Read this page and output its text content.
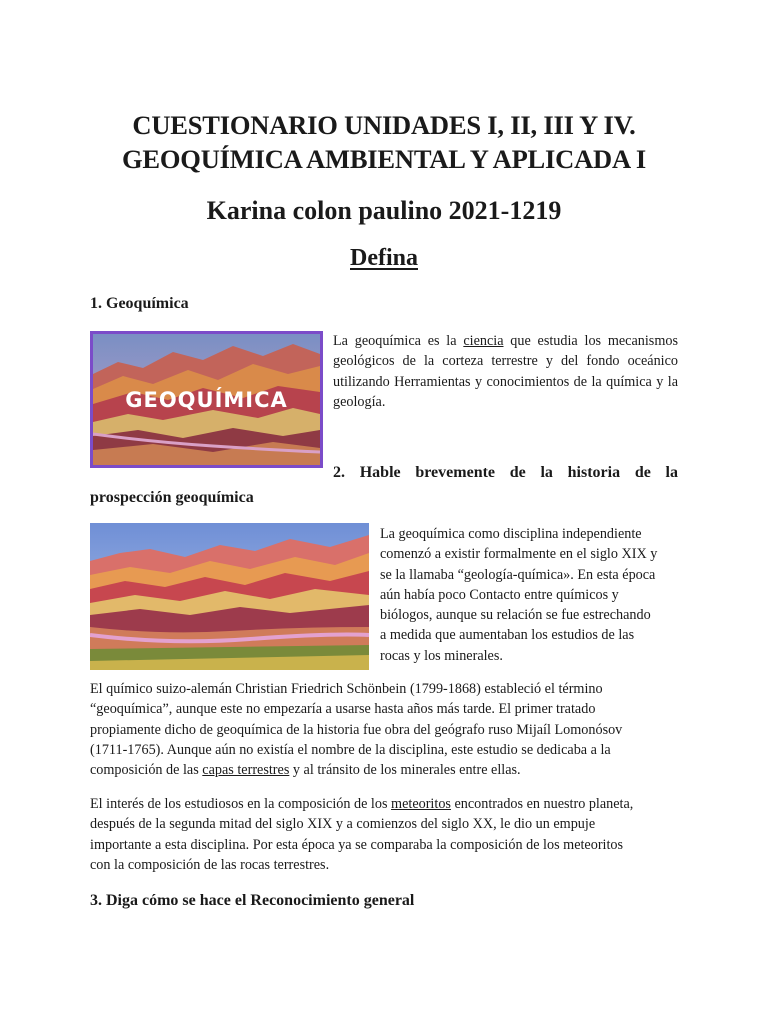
CUESTIONARIO UNIDADES I, II, III Y IV.
GEOQUÍMICA AMBIENTAL Y APLICADA I
Karina colon paulino 2021-1219
Defina
1. Geoquímica
GEOQUÍMICA
La geoquímica es la ciencia que estudia los mecanismos geológicos de la corteza terrestre y del fondo oceánico utilizando Herramientas y conocimientos de la química y la geología.
2. Hable brevemente de la historia de la
prospección geoquímica
La geoquímica como disciplina independiente
comenzó a existir formalmente en el siglo XIX y
se la llamaba “geología-química». En esta época
aún había poco Contacto entre químicos y
biólogos, aunque su relación se fue estrechando
a medida que aumentaban los estudios de las
rocas y los minerales.
El químico suizo-alemán Christian Friedrich Schönbein (1799-1868) estableció el término
“geoquímica”, aunque este no empezaría a usarse hasta años más tarde. El primer tratado
propiamente dicho de geoquímica de la historia fue obra del geógrafo ruso Mijaíl Lomonósov
(1711-1765). Aunque aún no existía el nombre de la disciplina, este estudio se dedicaba a la
composición de las capas terrestres y al tránsito de los minerales entre ellas.
El interés de los estudiosos en la composición de los meteoritos encontrados en nuestro planeta,
después de la segunda mitad del siglo XIX y a comienzos del siglo XX, le dio un empuje
importante a esta disciplina. Por esta época ya se comparaba la composición de los meteoritos
con la composición de las rocas terrestres.
3. Diga cómo se hace el Reconocimiento general
